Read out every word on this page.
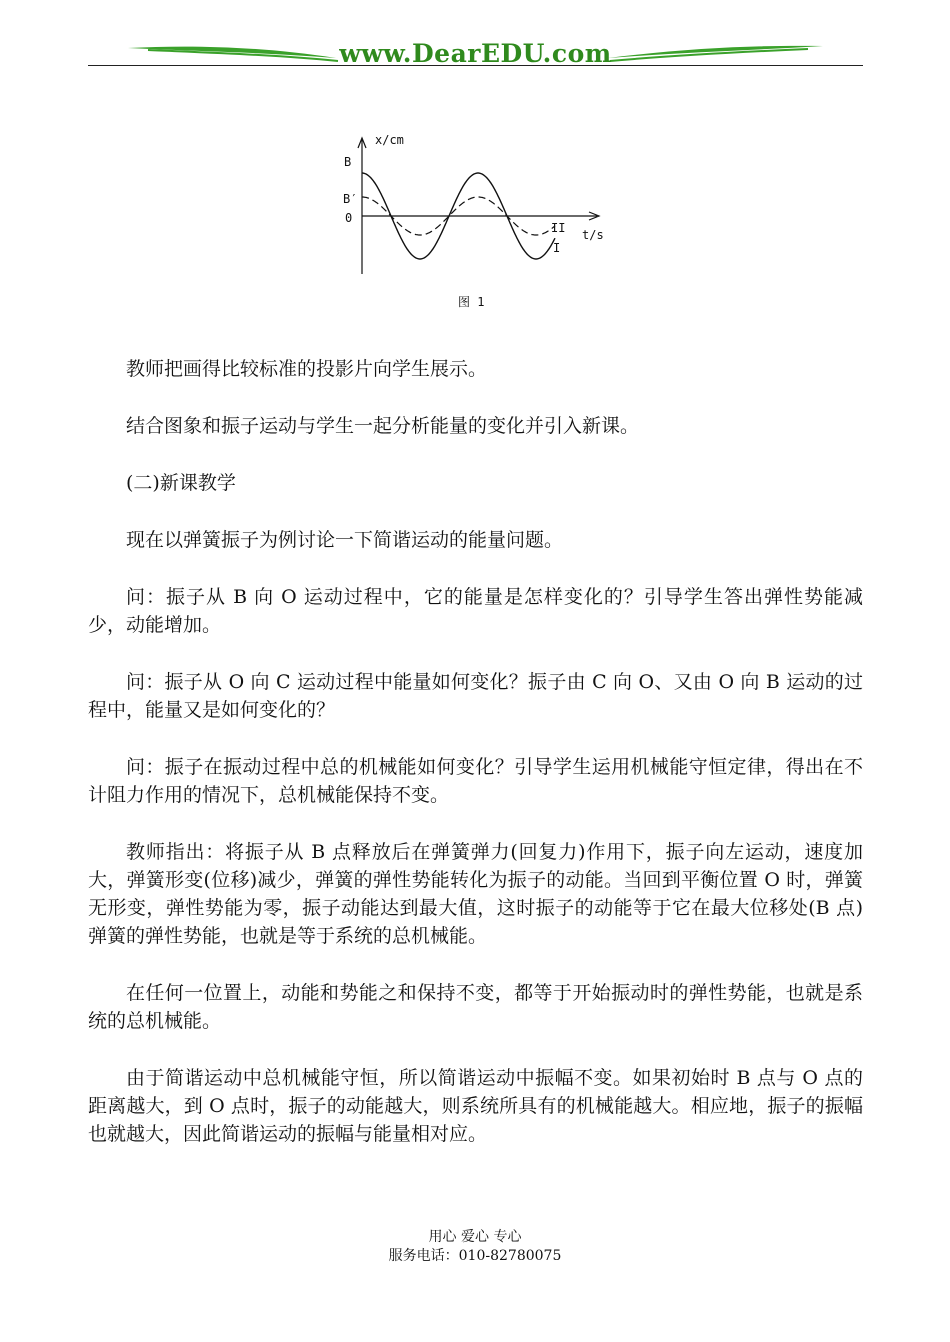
www.DearEDU.com
x/cm
B
B′
0
t/s
II
I
图 1

教师把画得比较标准的投影片向学生展示。

结合图象和振子运动与学生一起分析能量的变化并引入新课。

(二)新课教学

现在以弹簧振子为例讨论一下简谐运动的能量问题。

问：振子从 B 向 O 运动过程中，它的能量是怎样变化的？引导学生答出弹性势能减少，动能增加。

问：振子从 O 向 C 运动过程中能量如何变化？振子由 C 向 O、又由 O 向 B 运动的过程中，能量又是如何变化的？

问：振子在振动过程中总的机械能如何变化？引导学生运用机械能守恒定律，得出在不计阻力作用的情况下，总机械能保持不变。

教师指出：将振子从 B 点释放后在弹簧弹力(回复力)作用下，振子向左运动，速度加大，弹簧形变(位移)减少，弹簧的弹性势能转化为振子的动能。当回到平衡位置 O 时，弹簧无形变，弹性势能为零，振子动能达到最大值，这时振子的动能等于它在最大位移处(B 点)弹簧的弹性势能，也就是等于系统的总机械能。

在任何一位置上，动能和势能之和保持不变，都等于开始振动时的弹性势能，也就是系统的总机械能。

由于简谐运动中总机械能守恒，所以简谐运动中振幅不变。如果初始时 B 点与 O 点的距离越大，到 O 点时，振子的动能越大，则系统所具有的机械能越大。相应地，振子的振幅也就越大，因此简谐运动的振幅与能量相对应。

用心 爱心 专心
服务电话：010-82780075
